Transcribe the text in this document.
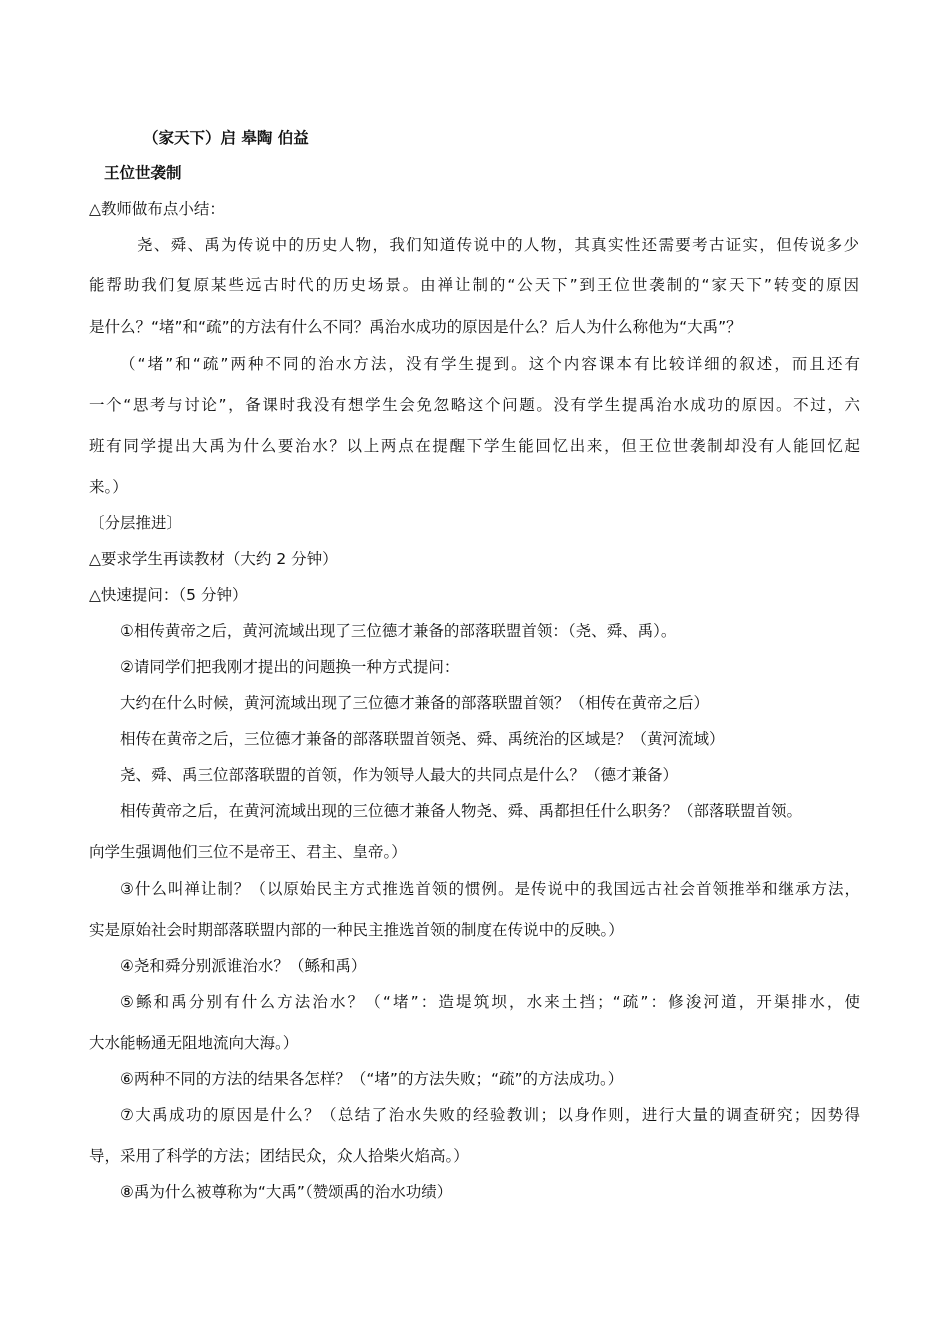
（家天下）启 皋陶 伯益
王位世袭制
△教师做布点小结：
尧、舜、禹为传说中的历史人物，我们知道传说中的人物，其真实性还需要考古证实，但传说多少
能帮助我们复原某些远古时代的历史场景。由禅让制的“公天下”到王位世袭制的“家天下”转变的原因
是什么？“堵”和“疏”的方法有什么不同？禹治水成功的原因是什么？后人为什么称他为“大禹”？
（“堵”和“疏”两种不同的治水方法，没有学生提到。这个内容课本有比较详细的叙述，而且还有
一个“思考与讨论”，备课时我没有想学生会免忽略这个问题。没有学生提禹治水成功的原因。不过，六
班有同学提出大禹为什么要治水？以上两点在提醒下学生能回忆出来，但王位世袭制却没有人能回忆起
来。）
〔分层推进〕
△要求学生再读教材（大约 2 分钟）
△快速提问：（5 分钟）
①相传黄帝之后，黄河流域出现了三位德才兼备的部落联盟首领：（尧、舜、禹）。
②请同学们把我刚才提出的问题换一种方式提问：
大约在什么时候，黄河流域出现了三位德才兼备的部落联盟首领？（相传在黄帝之后）
相传在黄帝之后，三位德才兼备的部落联盟首领尧、舜、禹统治的区域是？（黄河流域）
尧、舜、禹三位部落联盟的首领，作为领导人最大的共同点是什么？（德才兼备）
相传黄帝之后，在黄河流域出现的三位德才兼备人物尧、舜、禹都担任什么职务？（部落联盟首领。
向学生强调他们三位不是帝王、君主、皇帝。）
③什么叫禅让制？（以原始民主方式推选首领的惯例。是传说中的我国远古社会首领推举和继承方法，
实是原始社会时期部落联盟内部的一种民主推选首领的制度在传说中的反映。）
④尧和舜分别派谁治水？（鲧和禹）
⑤鲧和禹分别有什么方法治水？（“堵”：造堤筑坝，水来土挡；“疏”：修浚河道，开渠排水，使
大水能畅通无阻地流向大海。）
⑥两种不同的方法的结果各怎样？（“堵”的方法失败；“疏”的方法成功。）
⑦大禹成功的原因是什么？（总结了治水失败的经验教训；以身作则，进行大量的调查研究；因势得
导，采用了科学的方法；团结民众，众人拾柴火焰高。）
⑧禹为什么被尊称为“大禹”（赞颂禹的治水功绩）
